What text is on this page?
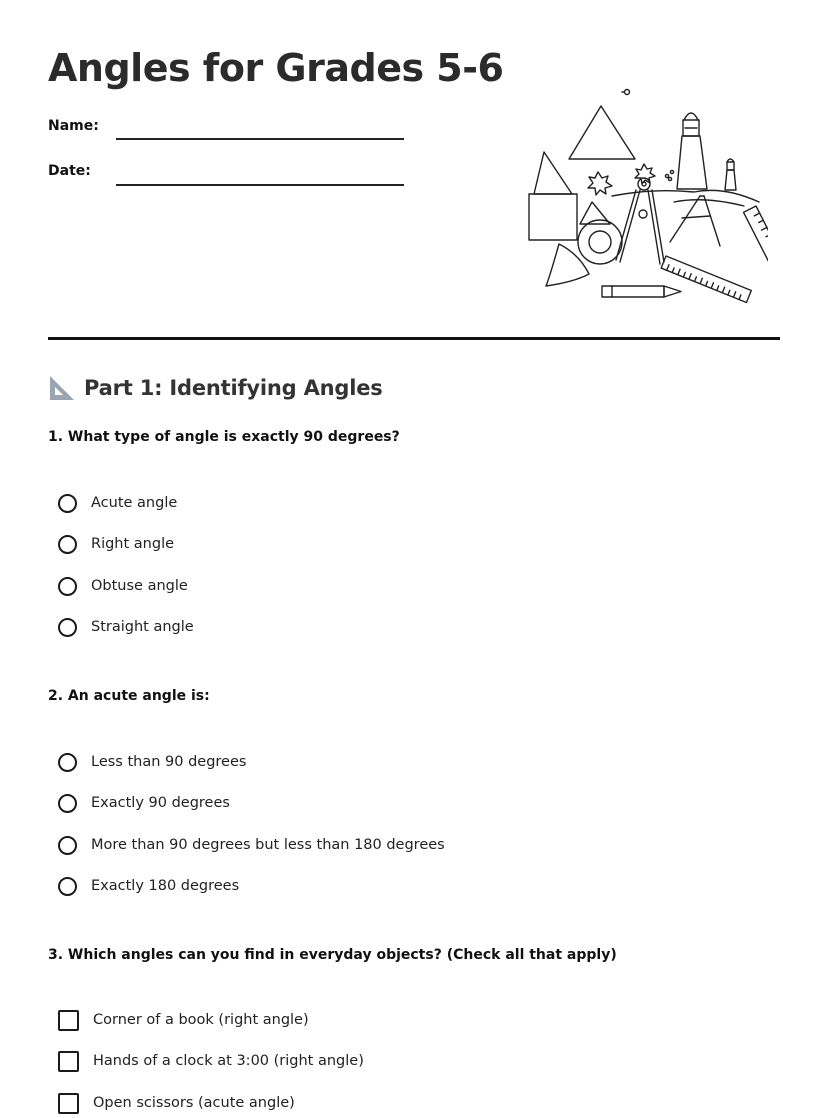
Angles for Grades 5-6
Name:
Date:
Part 1: Identifying Angles
1. What type of angle is exactly 90 degrees?
Acute angle
Right angle
Obtuse angle
Straight angle
2. An acute angle is:
Less than 90 degrees
Exactly 90 degrees
More than 90 degrees but less than 180 degrees
Exactly 180 degrees
3. Which angles can you find in everyday objects? (Check all that apply)
Corner of a book (right angle)
Hands of a clock at 3:00 (right angle)
Open scissors (acute angle)
